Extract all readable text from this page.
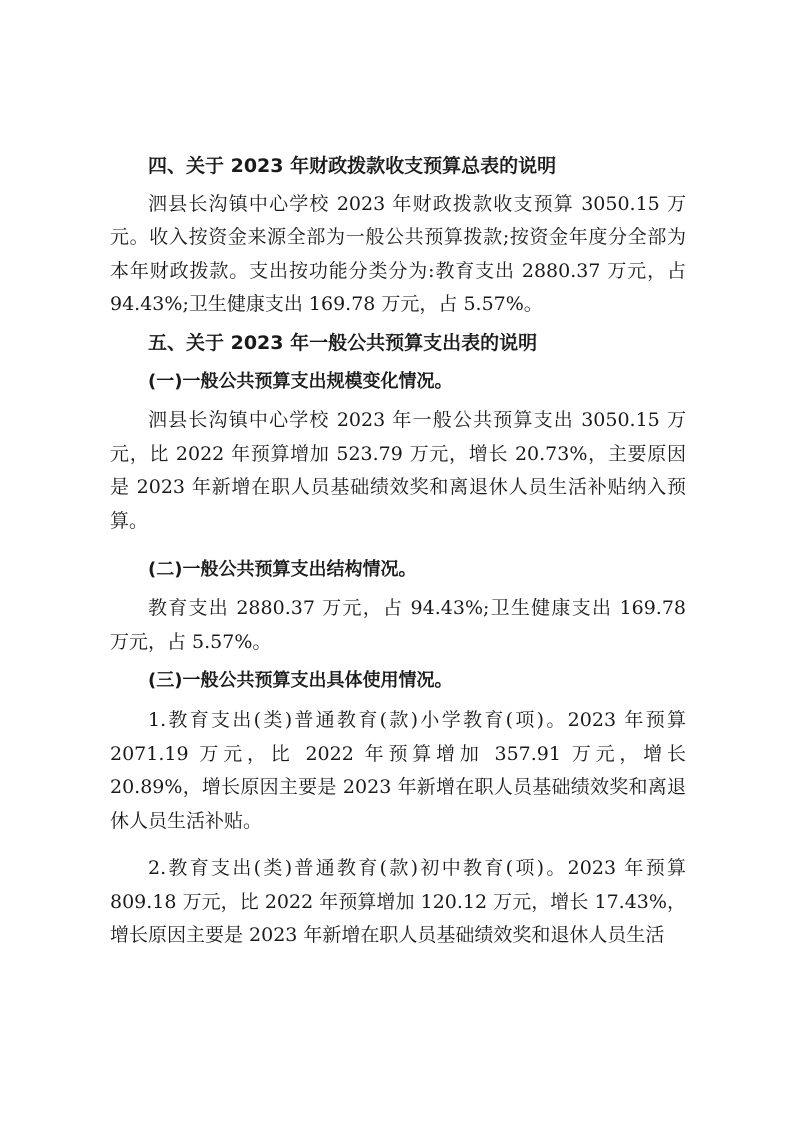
四、关于 2023 年财政拨款收支预算总表的说明

泗县长沟镇中心学校 2023 年财政拨款收支预算 3050.15 万元。收入按资金来源全部为一般公共预算拨款;按资金年度分全部为本年财政拨款。支出按功能分类分为:教育支出 2880.37 万元，占 94.43%;卫生健康支出 169.78 万元，占 5.57%。

五、关于 2023 年一般公共预算支出表的说明
(一)一般公共预算支出规模变化情况。

泗县长沟镇中心学校 2023 年一般公共预算支出 3050.15 万元，比 2022 年预算增加 523.79 万元，增长 20.73%，主要原因是 2023 年新增在职人员基础绩效奖和离退休人员生活补贴纳入预算。

(二)一般公共预算支出结构情况。

教育支出 2880.37 万元，占 94.43%;卫生健康支出 169.78 万元，占 5.57%。

(三)一般公共预算支出具体使用情况。

1.教育支出(类)普通教育(款)小学教育(项)。2023 年预算 2071.19 万元，比 2022 年预算增加 357.91 万元，增长 20.89%，增长原因主要是 2023 年新增在职人员基础绩效奖和离退休人员生活补贴。

2.教育支出(类)普通教育(款)初中教育(项)。2023 年预算 809.18 万元，比 2022 年预算增加 120.12 万元，增长 17.43%，增长原因主要是 2023 年新增在职人员基础绩效奖和退休人员生活
